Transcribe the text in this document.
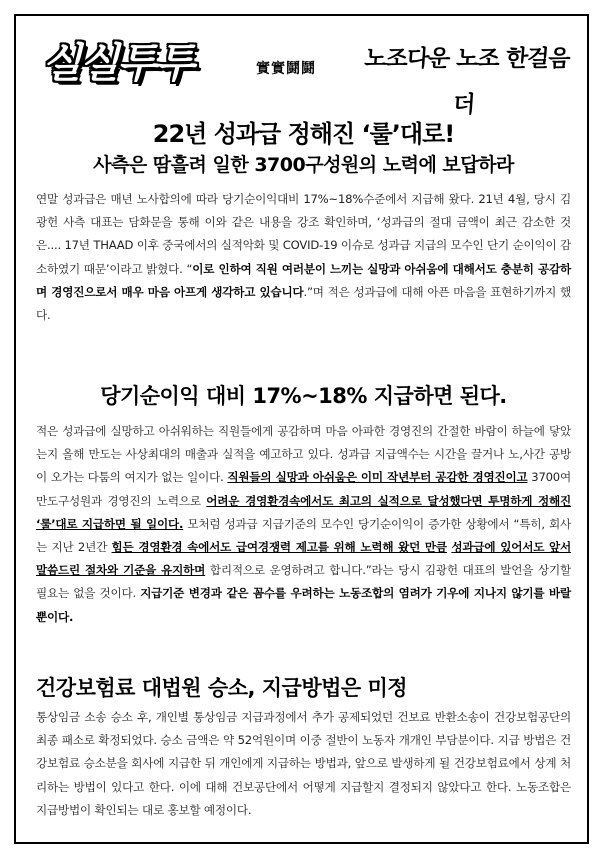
실실투투	實實鬪鬪 노조다운 노조 한걸음 더
22년 성과급 정해진 ‘룰’대로!
사측은 땀흘려 일한 3700구성원의 노력에 보답하라
연말 성과급은 매년 노사합의에 따라 당기순이익대비 17%~18%수준에서 지급해 왔다. 21년 4월, 당시 김광헌 사측 대표는 담화문을 통해 이와 같은 내용을 강조 확인하며, ‘성과급의 절대 금액이 최근 감소한 것은.... 17년 THAAD 이후 중국에서의 실적악화 및 COVID-19 이슈로 성과급 지급의 모수인 단기 순이익이 감소하였기 때문’이라고 밝혔다. “이로 인하여 직원 여러분이 느끼는 실망과 아쉬움에 대해서도 충분히 공감하며 경영진으로서 매우 마음 아프게 생각하고 있습니다.”며 적은 성과급에 대해 아픈 마음을 표현하기까지 했다.
당기순이익 대비 17%~18% 지급하면 된다.
적은 성과급에 실망하고 아쉬워하는 직원들에게 공감하며 마음 아파한 경영진의 간절한 바람이 하늘에 닿았는지 올해 만도는 사상최대의 매출과 실적을 예고하고 있다. 성과급 지급액수는 시간을 끌거나 노,사간 공방이 오가는 다툼의 여지가 없는 일이다. 직원들의 실망과 아쉬움은 이미 작년부터 공감한 경영진이고 3700여 만도구성원과 경영진의 노력으로 어려운 경영환경속에서도 최고의 실적으로 달성했다면 투명하게 정해진 ‘룰’대로 지급하면 될 일이다. 모처럼 성과급 지급기준의 모수인 당기순이익이 증가한 상황에서 “특히, 회사는 지난 2년간 힘든 경영환경 속에서도 급여경쟁력 제고를 위해 노력해 왔던 만큼 성과급에 있어서도 앞서 말씀드린 절차와 기준을 유지하며 합리적으로 운영하려고 합니다.”라는 당시 김광헌 대표의 발언을 상기할 필요는 없을 것이다. 지급기준 변경과 같은 꼼수를 우려하는 노동조합의 염려가 기우에 지나지 않기를 바랄 뿐이다.
건강보험료 대법원 승소, 지급방법은 미정
통상임금 소송 승소 후, 개인별 통상임금 지급과정에서 추가 공제되었던 건보료 반환소송이 건강보험공단의 최종 패소로 확정되었다. 승소 금액은 약 52억원이며 이중 절반이 노동자 개개인 부담분이다. 지급 방법은 건강보험료 승소분을 회사에 지급한 뒤 개인에게 지급하는 방법과, 앞으로 발생하게 될 건강보험료에서 상계 처리하는 방법이 있다고 한다. 이에 대해 건보공단에서 어떻게 지급할지 결정되지 않았다고 한다. 노동조합은 지급방법이 확인되는 대로 홍보할 예정이다.
